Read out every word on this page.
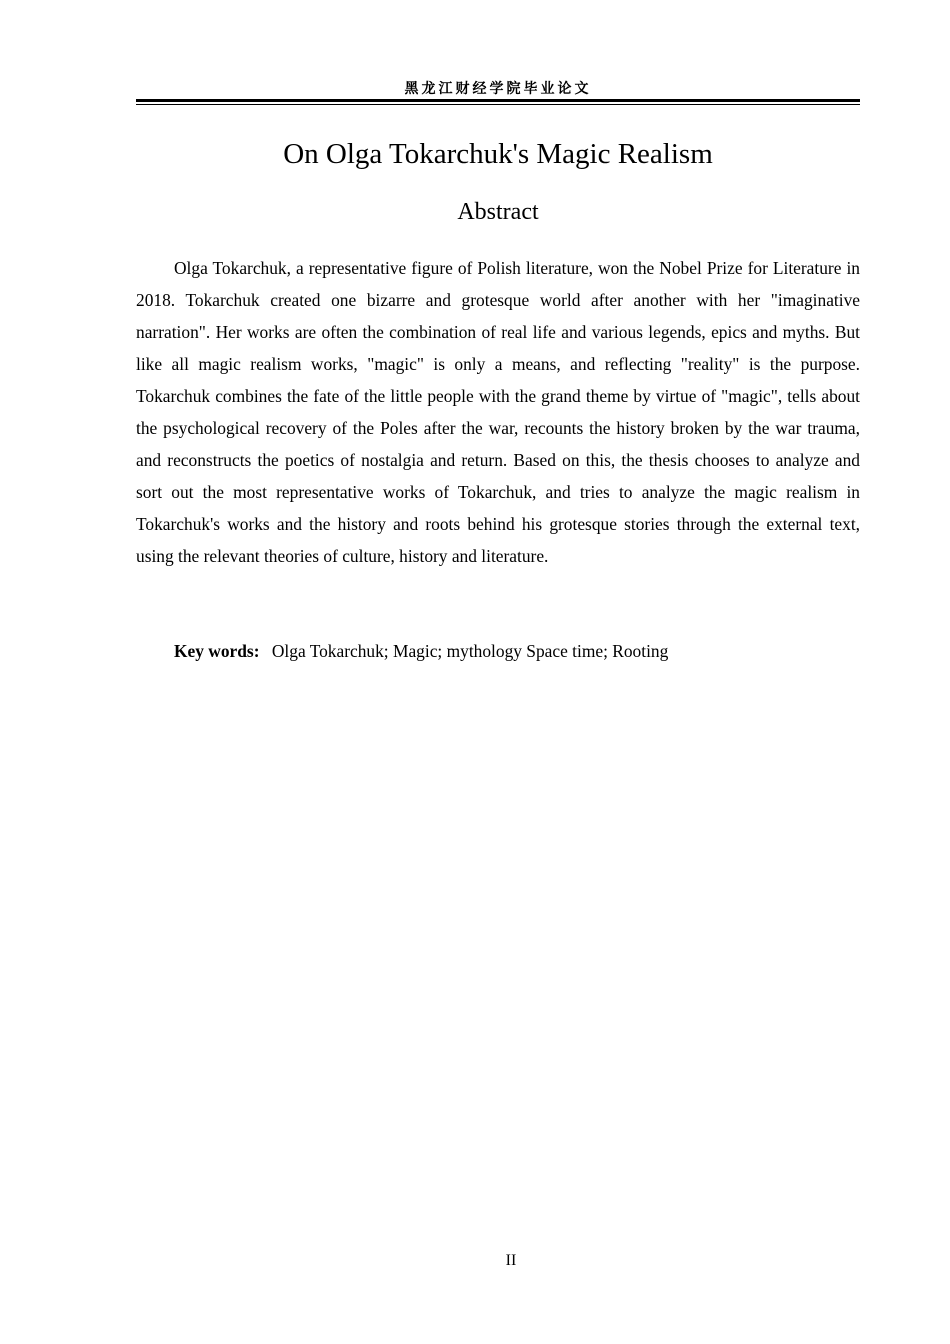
黑龙江财经学院毕业论文
On Olga Tokarchuk's Magic Realism
Abstract

Olga Tokarchuk, a representative figure of Polish literature, won the Nobel Prize for Literature in 2018. Tokarchuk created one bizarre and grotesque world after another with her "imaginative narration". Her works are often the combination of real life and various legends, epics and myths. But like all magic realism works, "magic" is only a means, and reflecting "reality" is the purpose. Tokarchuk combines the fate of the little people with the grand theme by virtue of "magic", tells about the psychological recovery of the Poles after the war, recounts the history broken by the war trauma, and reconstructs the poetics of nostalgia and return. Based on this, the thesis chooses to analyze and sort out the most representative works of Tokarchuk, and tries to analyze the magic realism in Tokarchuk's works and the history and roots behind his grotesque stories through the external text, using the relevant theories of culture, history and literature.

Key words: Olga Tokarchuk; Magic; mythology Space time; Rooting
II
